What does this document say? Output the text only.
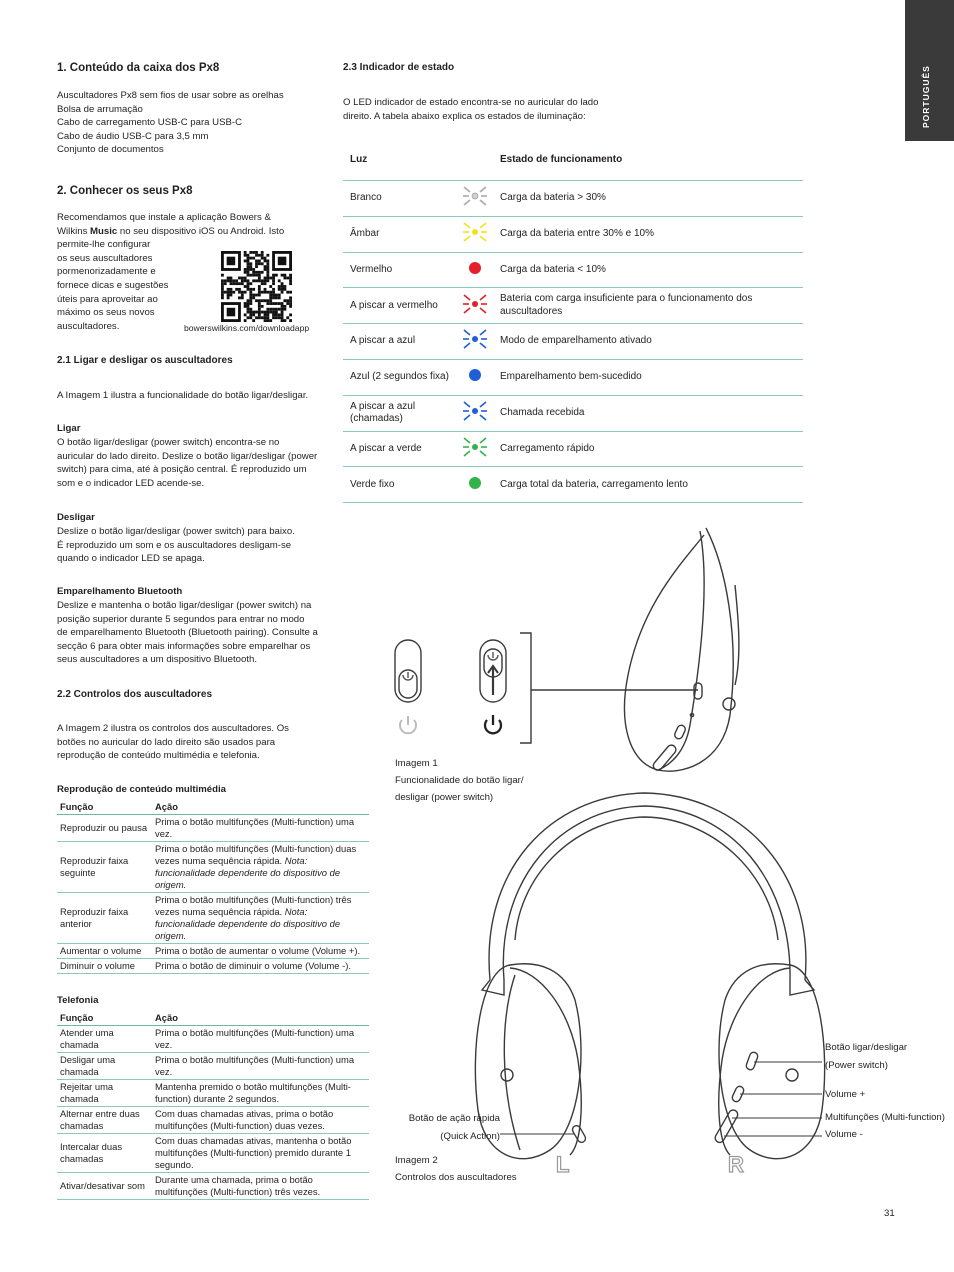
PORTUGUÊS
1. Conteúdo da caixa dos Px8
Auscultadores Px8 sem fios de usar sobre as orelhas
Bolsa de arrumação
Cabo de carregamento USB-C para USB-C
Cabo de áudio USB-C para 3,5 mm
Conjunto de documentos
2. Conhecer os seus Px8
Recomendamos que instale a aplicação Bowers &
Wilkins Music no seu dispositivo iOS ou Android. Isto
permite-lhe configurar
os seus auscultadores
pormenorizadamente e
fornece dicas e sugestões
úteis para aproveitar ao
máximo os seus novos
auscultadores.	bowerswilkins.com/downloadapp
2.1 Ligar e desligar os auscultadores
A Imagem 1 ilustra a funcionalidade do botão ligar/desligar.
Ligar
O botão ligar/desligar (power switch) encontra-se no
auricular do lado direito. Deslize o botão ligar/desligar (power
switch) para cima, até à posição central. É reproduzido um
som e o indicador LED acende-se.
Desligar
Deslize o botão ligar/desligar (power switch) para baixo.
É reproduzido um som e os auscultadores desligam-se
quando o indicador LED se apaga.
Emparelhamento Bluetooth
Deslize e mantenha o botão ligar/desligar (power switch) na
posição superior durante 5 segundos para entrar no modo
de emparelhamento Bluetooth (Bluetooth pairing). Consulte a
secção 6 para obter mais informações sobre emparelhar os
seus auscultadores a um dispositivo Bluetooth.
2.2 Controlos dos auscultadores
A Imagem 2 ilustra os controlos dos auscultadores. Os
botões no auricular do lado direito são usados para
reprodução de conteúdo multimédia e telefonia.
Reprodução de conteúdo multimédia
Função	Ação
Reproduzir ou pausa	Prima o botão multifunções (Multi-function) uma vez.
Reproduzir faixa seguinte	Prima o botão multifunções (Multi-function) duas vezes numa sequência rápida. Nota: funcionalidade dependente do dispositivo de origem.
Reproduzir faixa anterior	Prima o botão multifunções (Multi-function) três vezes numa sequência rápida. Nota: funcionalidade dependente do dispositivo de origem.
Aumentar o volume	Prima o botão de aumentar o volume (Volume +).
Diminuir o volume	Prima o botão de diminuir o volume (Volume -).
Telefonia
Função	Ação
Atender uma chamada	Prima o botão multifunções (Multi-function) uma vez.
Desligar uma chamada	Prima o botão multifunções (Multi-function) uma vez.
Rejeitar uma chamada	Mantenha premido o botão multifunções (Multi-function) durante 2 segundos.
Alternar entre duas chamadas	Com duas chamadas ativas, prima o botão multifunções (Multi-function) duas vezes.
Intercalar duas chamadas	Com duas chamadas ativas, mantenha o botão multifunções (Multi-function) premido durante 1 segundo.
Ativar/desativar som	Durante uma chamada, prima o botão multifunções (Multi-function) três vezes.
2.3 Indicador de estado
O LED indicador de estado encontra-se no auricular do lado
direito. A tabela abaixo explica os estados de iluminação:
Luz		Estado de funcionamento
Branco		Carga da bateria > 30%
Âmbar		Carga da bateria entre 30% e 10%
Vermelho		Carga da bateria < 10%
A piscar a vermelho		Bateria com carga insuficiente para o funcionamento dos auscultadores
A piscar a azul		Modo de emparelhamento ativado
Azul (2 segundos fixa)		Emparelhamento bem-sucedido
A piscar a azul (chamadas)		Chamada recebida
A piscar a verde		Carregamento rápido
Verde fixo		Carga total da bateria, carregamento lento
Imagem 1
Funcionalidade do botão ligar/
desligar (power switch)
Botão ligar/desligar
(Power switch)
Volume +
Multifunções (Multi-function)
Volume -
Botão de ação rápida
(Quick Action)
L	R
Imagem 2
Controlos dos auscultadores
31
